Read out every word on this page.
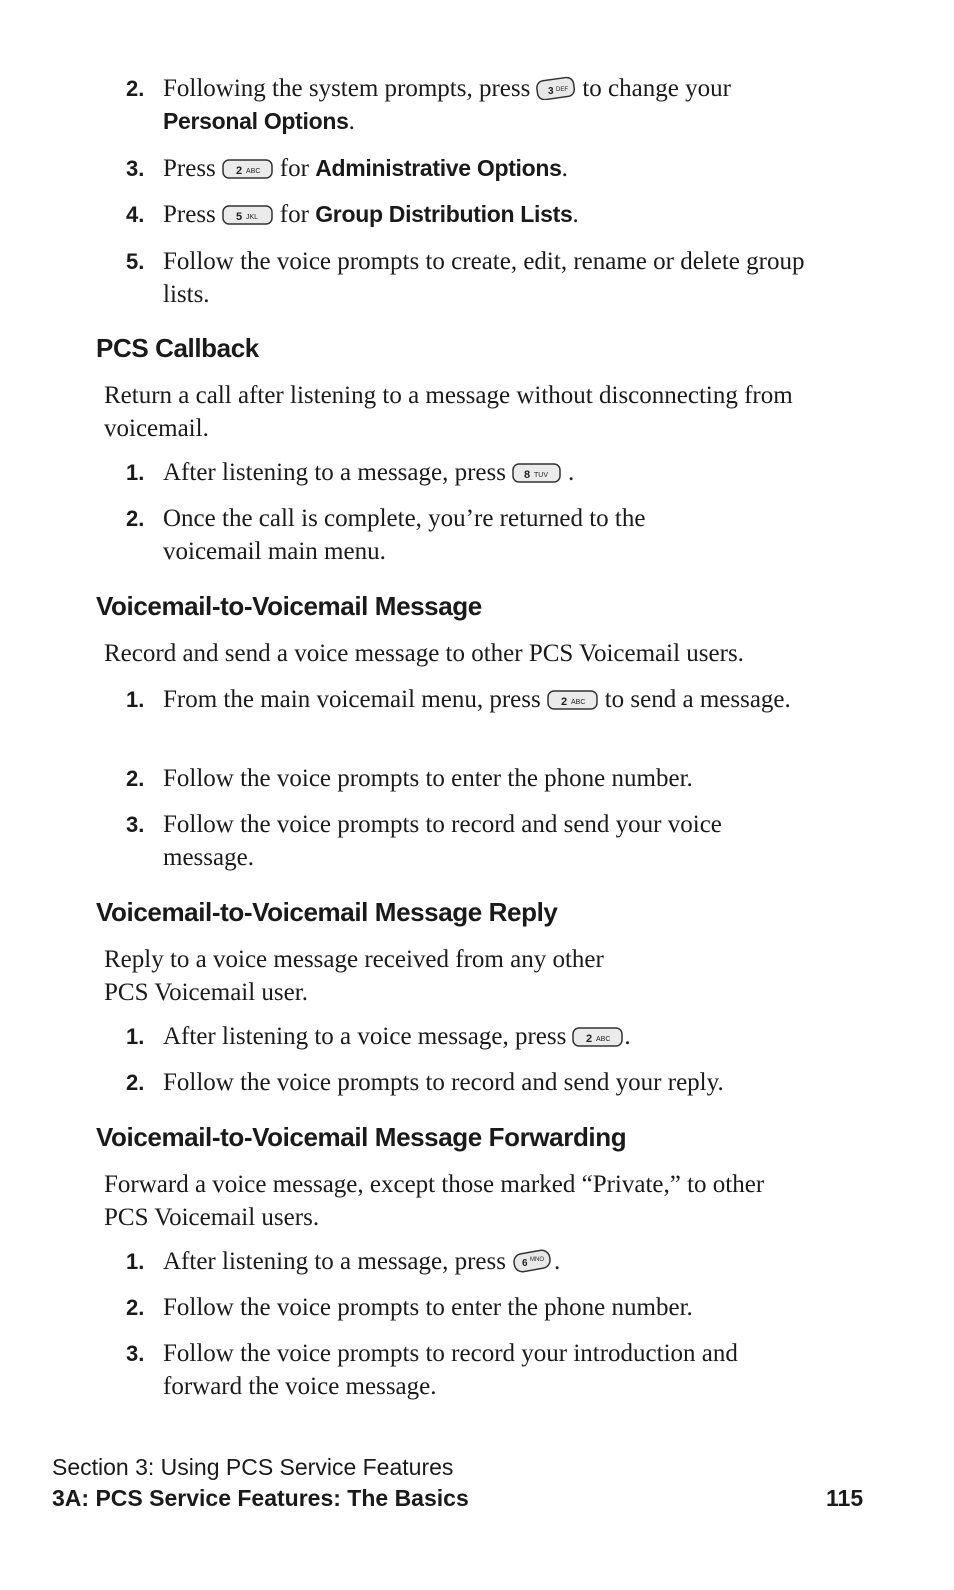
2. Following the system prompts, press 3 DEF to change your
Personal Options.
3. Press 2 ABC for Administrative Options.
4. Press 5 JKL for Group Distribution Lists.
5. Follow the voice prompts to create, edit, rename or delete group lists.
PCS Callback
Return a call after listening to a message without disconnecting from voicemail.
1. After listening to a message, press 8 TUV .
2. Once the call is complete, you’re returned to the voicemail main menu.
Voicemail-to-Voicemail Message
Record and send a voice message to other PCS Voicemail users.
1. From the main voicemail menu, press 2 ABC to send a message.
2. Follow the voice prompts to enter the phone number.
3. Follow the voice prompts to record and send your voice message.
Voicemail-to-Voicemail Message Reply
Reply to a voice message received from any other
PCS Voicemail user.
1. After listening to a voice message, press 2 ABC .
2. Follow the voice prompts to record and send your reply.
Voicemail-to-Voicemail Message Forwarding
Forward a voice message, except those marked “Private,” to other PCS Voicemail users.
1. After listening to a message, press 6 MNO .
2. Follow the voice prompts to enter the phone number.
3. Follow the voice prompts to record your introduction and forward the voice message.
Section 3: Using PCS Service Features
3A: PCS Service Features: The Basics	115
